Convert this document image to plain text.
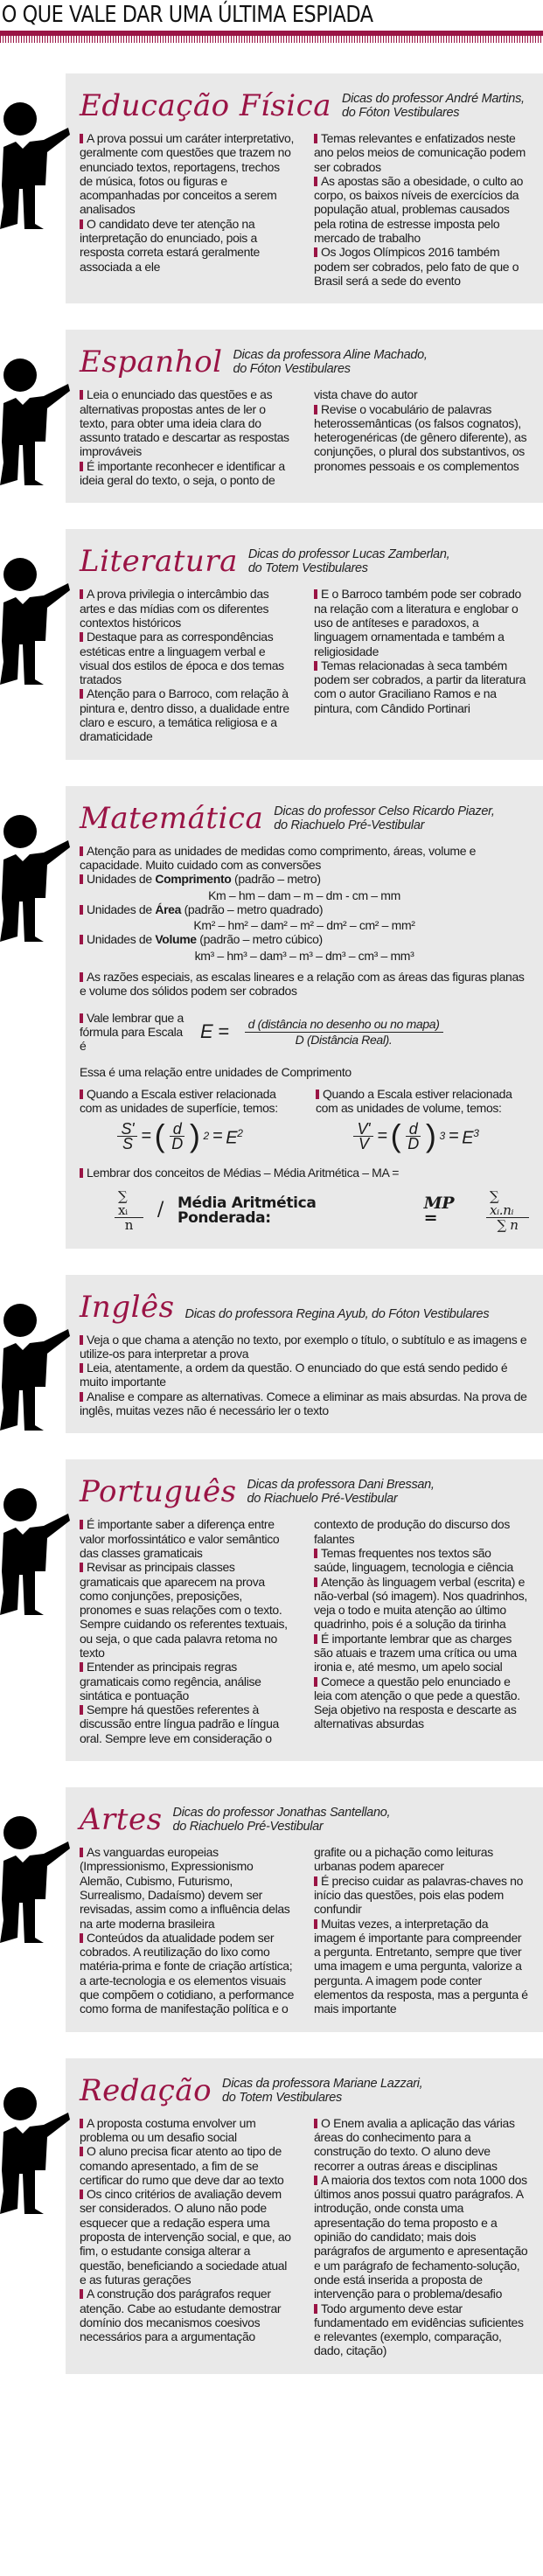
O QUE VALE DAR UMA ÚLTIMA ESPIADA
Educação Física Dicas do professor André Martins,
do Fóton Vestibulares

A prova possui um caráter interpretativo, geralmente com questões que trazem no enunciado textos, reportagens, trechos de música, fotos ou figuras e acompanhadas por conceitos a serem analisados

O candidato deve ter atenção na interpretação do enunciado, pois a resposta correta estará geralmente associada a ele

Temas relevantes e enfatizados neste ano pelos meios de comunicação podem ser cobrados

As apostas são a obesidade, o culto ao corpo, os baixos níveis de exercícios da população atual, problemas causados pela rotina de estresse imposta pelo mercado de trabalho

Os Jogos Olímpicos 2016 também podem ser cobrados, pelo fato de que o Brasil será a sede do evento

Espanhol Dicas da professora Aline Machado,
do Fóton Vestibulares

Leia o enunciado das questões e as alternativas propostas antes de ler o texto, para obter uma ideia clara do assunto tratado e descartar as respostas improváveis

É importante reconhecer e identificar a ideia geral do texto, o seja, o ponto de vista chave do autor

Revise o vocabulário de palavras heterossemânticas (os falsos cognatos), heterogenéricas (de gênero diferente), as conjunções, o plural dos substantivos, os pronomes pessoais e os complementos

Literatura Dicas do professor Lucas Zamberlan,
do Totem Vestibulares

A prova privilegia o intercâmbio das artes e das mídias com os diferentes contextos históricos

Destaque para as correspondências estéticas entre a linguagem verbal e visual dos estilos de época e dos temas tratados

Atenção para o Barroco, com relação à pintura e, dentro disso, a dualidade entre claro e escuro, a temática religiosa e a dramaticidade

E o Barroco também pode ser cobrado na relação com a literatura e englobar o uso de antíteses e paradoxos, a linguagem ornamentada e também a religiosidade

Temas relacionadas à seca também podem ser cobrados, a partir da literatura com o autor Graciliano Ramos e na pintura, com Cândido Portinari

Matemática Dicas do professor Celso Ricardo Piazer,
do Riachuelo Pré-Vestibular

Atenção para as unidades de medidas como comprimento, áreas, volume e capacidade. Muito cuidado com as conversões

Unidades de Comprimento (padrão – metro)

Km – hm – dam – m – dm - cm – mm

Unidades de Área (padrão – metro quadrado)

Km² – hm² – dam² – m² – dm² – cm² – mm²

Unidades de Volume (padrão – metro cúbico)

km³ – hm³ – dam³ – m³ – dm³ – cm³ – mm³

As razões especiais, as escalas lineares e a relação com as áreas das figuras planas e volume dos sólidos podem ser cobrados

Vale lembrar que a
fórmula para Escala é
$E = \frac{\text{d (distância no desenho ou no mapa)}}{\text{D (Distância Real).}}$

Essa é uma relação entre unidades de Comprimento

Quando a Escala estiver relacionada com as unidades de superfície, temos:

$\frac{S'}{S}$ = ( $\frac{d}{D}$ ) $2 = E^2$

Quando a Escala estiver relacionada com as unidades de volume, temos:

$\frac{V'}{V}$ = ( $\frac{d}{D}$ ) $3 = E^3$

Lembrar dos conceitos de Médias – Média Aritmética – MA =

$\frac{\text{∑ xᵢ}}{n}$ / Média Aritmética Ponderada:
MP =	$\frac{\text{∑ xᵢ.nᵢ}}{\sum n}$
Inglês Dicas do professora Regina Ayub, do Fóton Vestibulares

Veja o que chama a atenção no texto, por exemplo o título, o subtítulo e as imagens e utilize-os para interpretar a prova

Leia, atentamente, a ordem da questão. O enunciado do que está sendo pedido é muito importante

Analise e compare as alternativas. Comece a eliminar as mais absurdas. Na prova de inglês, muitas vezes não é necessário ler o texto

Português Dicas da professora Dani Bressan,
do Riachuelo Pré-Vestibular

É importante saber a diferença entre valor morfossintático e valor semântico das classes gramaticais

Revisar as principais classes gramaticais que aparecem na prova como conjunções, preposições, pronomes e suas relações com o texto. Sempre cuidando os referentes textuais, ou seja, o que cada palavra retoma no texto

Entender as principais regras gramaticais como regência, análise sintática e pontuação

Sempre há questões referentes à discussão entre língua padrão e língua oral. Sempre leve em consideração o contexto de produção do discurso dos falantes

Temas frequentes nos textos são saúde, linguagem, tecnologia e ciência

Atenção às linguagem verbal (escrita) e não-verbal (só imagem). Nos quadrinhos, veja o todo e muita atenção ao último quadrinho, pois é a solução da tirinha

É importante lembrar que as charges são atuais e trazem uma crítica ou uma ironia e, até mesmo, um apelo social

Comece a questão pelo enunciado e leia com atenção o que pede a questão. Seja objetivo na resposta e descarte as alternativas absurdas

Artes Dicas do professor Jonathas Santellano,
do Riachuelo Pré-Vestibular

As vanguardas europeias (Impressionismo, Expressionismo Alemão, Cubismo, Futurismo, Surrealismo, Dadaísmo) devem ser revisadas, assim como a influência delas na arte moderna brasileira

Conteúdos da atualidade podem ser cobrados. A reutilização do lixo como matéria-prima e fonte de criação artística; a arte-tecnologia e os elementos visuais que compõem o cotidiano, a performance como forma de manifestação política e o grafite ou a pichação como leituras urbanas podem aparecer

É preciso cuidar as palavras-chaves no início das questões, pois elas podem confundir

Muitas vezes, a interpretação da imagem é importante para compreender a pergunta. Entretanto, sempre que tiver uma imagem e uma pergunta, valorize a pergunta. A imagem pode conter elementos da resposta, mas a pergunta é mais importante

Redação Dicas da professora Mariane Lazzari,
do Totem Vestibulares

A proposta costuma envolver um problema ou um desafio social

O aluno precisa ficar atento ao tipo de comando apresentado, a fim de se certificar do rumo que deve dar ao texto

Os cinco critérios de avaliação devem ser considerados. O aluno não pode esquecer que a redação espera uma proposta de intervenção social, e que, ao fim, o estudante consiga alterar a questão, beneficiando a sociedade atual e as futuras gerações

A construção dos parágrafos requer atenção. Cabe ao estudante demostrar domínio dos mecanismos coesivos necessários para a argumentação

O Enem avalia a aplicação das várias áreas do conhecimento para a construção do texto. O aluno deve recorrer a outras áreas e disciplinas

A maioria dos textos com nota 1000 dos últimos anos possui quatro parágrafos. A introdução, onde consta uma apresentação do tema proposto e a opinião do candidato; mais dois parágrafos de argumento e apresentação e um parágrafo de fechamento-solução, onde está inserida a proposta de intervenção para o problema/desafio

Todo argumento deve estar fundamentado em evidências suficientes e relevantes (exemplo, comparação, dado, citação)
